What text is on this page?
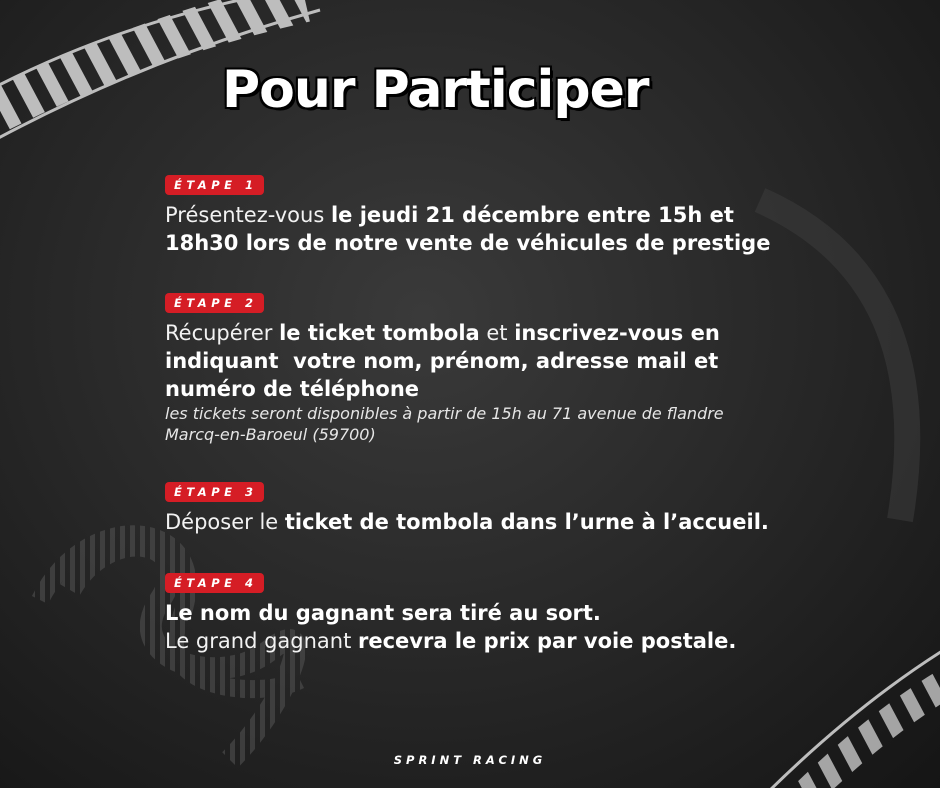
Pour Participer
ÉTAPE 1
Présentez-vous le jeudi 21 décembre entre 15h et
18h30 lors de notre vente de véhicules de prestige
ÉTAPE 2
Récupérer le ticket tombola et inscrivez-vous en
indiquant  votre nom, prénom, adresse mail et
numéro de téléphone
les tickets seront disponibles à partir de 15h au 71 avenue de flandre
Marcq-en-Baroeul (59700)
ÉTAPE 3
Déposer le ticket de tombola dans l’urne à l’accueil.
ÉTAPE 4
Le nom du gagnant sera tiré au sort.
Le grand gagnant recevra le prix par voie postale.
SPRINT RACING
